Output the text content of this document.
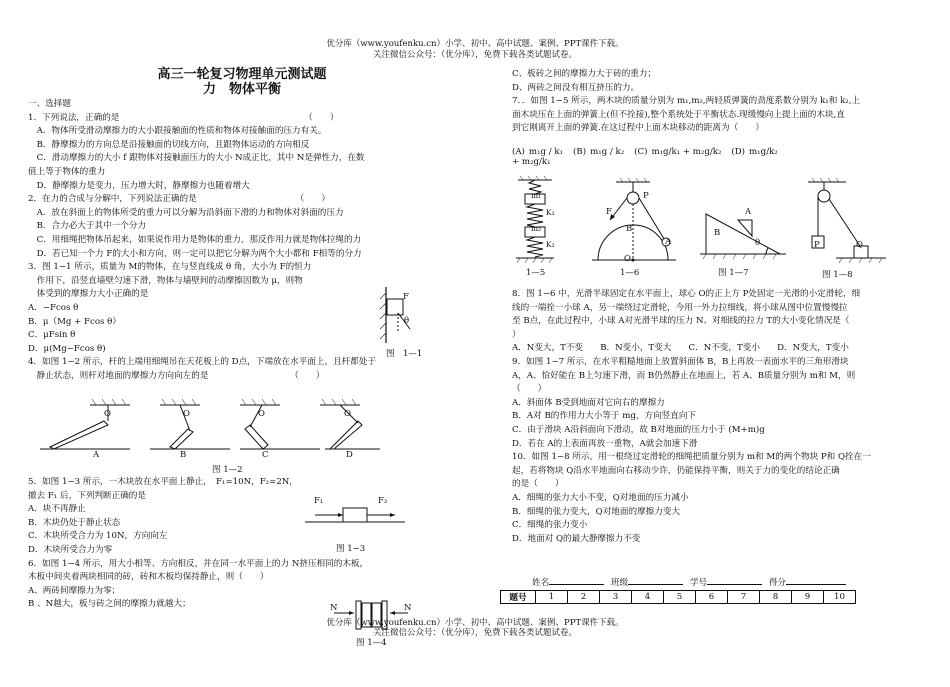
优分库（www.youfenku.cn）小学、初中、高中试题、案例、PPT课件下载。
关注微信公众号：（优分库），免费下载各类试题试卷。
高三一轮复习物理单元测试题
力　物体平衡
一、选择题
1．下列说法，正确的是　　　　　　　　　　　　　　　　　　　　　　（　　）
　A．物体所受滑动摩擦力的大小跟接触面的性质和物体对接触面的压力有关。
　B．静摩擦力的方向总是沿接触面的切线方向，且跟物体运动的方向相反
　C．滑动摩擦力的大小 f 跟物体对接触面压力的大小 N成正比，其中 N是弹性力，在数
值上等于物体的重力
　D．静摩擦力是变力，压力增大时，静摩擦力也随着增大
2．在力的合成与分解中，下列说法正确的是　　　　　　　　　　　　（　　）
　A．放在斜面上的物体所受的重力可以分解为沿斜面下滑的力和物体对斜面的压力
　B．合力必大于其中一个分力
　C．用细绳把物体吊起来，如果说作用力是物体的重力，那反作用力就是物体拉绳的力
　D．若已知一个力 F的大小和方向，则一定可以把它分解为两个大小都和 F相等的分力
3．图 1−1 所示，质量为 M的物体，在与竖直线成 θ 角，大小为 F的恒力
　作用下，沿竖直墙壁匀速下滑，物体与墙壁间的动摩擦因数为 μ，则物
　体受到的摩擦力大小正确的是
A．−Fcos θ
B．μ（Mg + Fcos θ）
C．μFsin θ
D．μ(Mg−Fcos θ)
4．如图 1−2 所示，杆的上端用细绳吊在天花板上的 D点，下端放在水平面上，且杆都处于
　静止状态，则杆对地面的摩擦力方向向左的是　　　　　　　　　　（　　）
F
θ
图　1—1
O	O	O	O
A	B	C	D
图 1—2
5．如图 1−3 所示，一木块放在水平面上静止，　F₁=10N，F₂=2N，
撤去 F₁ 后，下列判断正确的是
A．块不再静止
B．木块仍处于静止状态
C．木块所受合力为 10N，方向向左
D．木块所受合力为零
6．如图 1−4 所示，用大小相等、方向相反，并在同一水平面上的力 N挤压相同的木板，
木板中间夹着两块相同的砖，砖和木板均保持静止，则（　　）
A、两砖间摩擦力为零；
B 、N越大，板与砖之间的摩擦力就越大；
F₁	F₂
图 1−3
N	N
图 1—4
C、板砖之间的摩擦力大于砖的重力；
D、两砖之间没有相互挤压的力。
7．．如图 1−5 所示，两木块的质量分别为 m₁,m₂,两轻质弹簧的劲度系数分别为 k₁和 k₂,上
面木块压在上面的弹簧上(但不拴接),整个系统处于平衡状态.现缓慢向上提上面的木块,直
到它刚离开上面的弹簧.在这过程中上面木块移动的距离为（　　）
(A) m₁g / k₁ (B) m₁g / k₂ (C) m₁g/k₁ + m₂g/k₂ (D) m₁g/k₂ + m₂g/k₁
m₁
m₂
K₁
K₂
1—5
F
P
B
A
O
1—6
A
B
θ
图 1—7
P	Q
图 1—8
8．图 1−6 中，光滑半球固定在水平面上，球心 O的正上方 P处固定一光滑的小定滑轮，细
线的一端拴一小球 A，另一端绕过定滑轮，今用一外力拉细线，将小球从图中位置慢慢拉
至 B点，在此过程中，小球 A对光滑半球的压力 N、对细线的拉力 T的大小变化情况是（
）
A．N变大，T不变　　B．N变小，T变大　　C．N不变，T变小　　D．N变大，T变小
9．如图 1−7 所示，在水平粗糙地面上放置斜面体 B，B上再放一表面水平的三角形滑块
A，A、恰好能在 B上匀速下滑，而 B仍然静止在地面上，若 A、B质量分别为 m和 M，则
（　　）
A．斜面体 B受到地面对它向右的摩擦力
B．A对 B的作用力大小等于 mg，方向竖直向下
C．由于滑块 A沿斜面向下滑动，故 B对地面的压力小于 (M+m)g
D．若在 A的上表面再放一重物，A就会加速下滑
10．如图 1−8 所示，用一根绕过定滑轮的细绳把质量分别为 m和 M的两个物块 P和 Q拴在一
起，若将物块 Q沿水平地面向右移动少许，仍能保持平衡，则关于力的变化的结论正确
的是（　　）
A．细绳的张力大小不变，Q对地面的压力减小
B．细绳的张力变大，Q对地面的摩擦力变大
C．细绳的张力变小
D．地面对 Q的最大静摩擦力不变
姓名	班级	学号	得分
题号	1	2	3	4	5	6	7	8	9	10
优分库（www.youfenku.cn）小学、初中、高中试题、案例、PPT课件下载。
关注微信公众号：（优分库），免费下载各类试题试卷。
